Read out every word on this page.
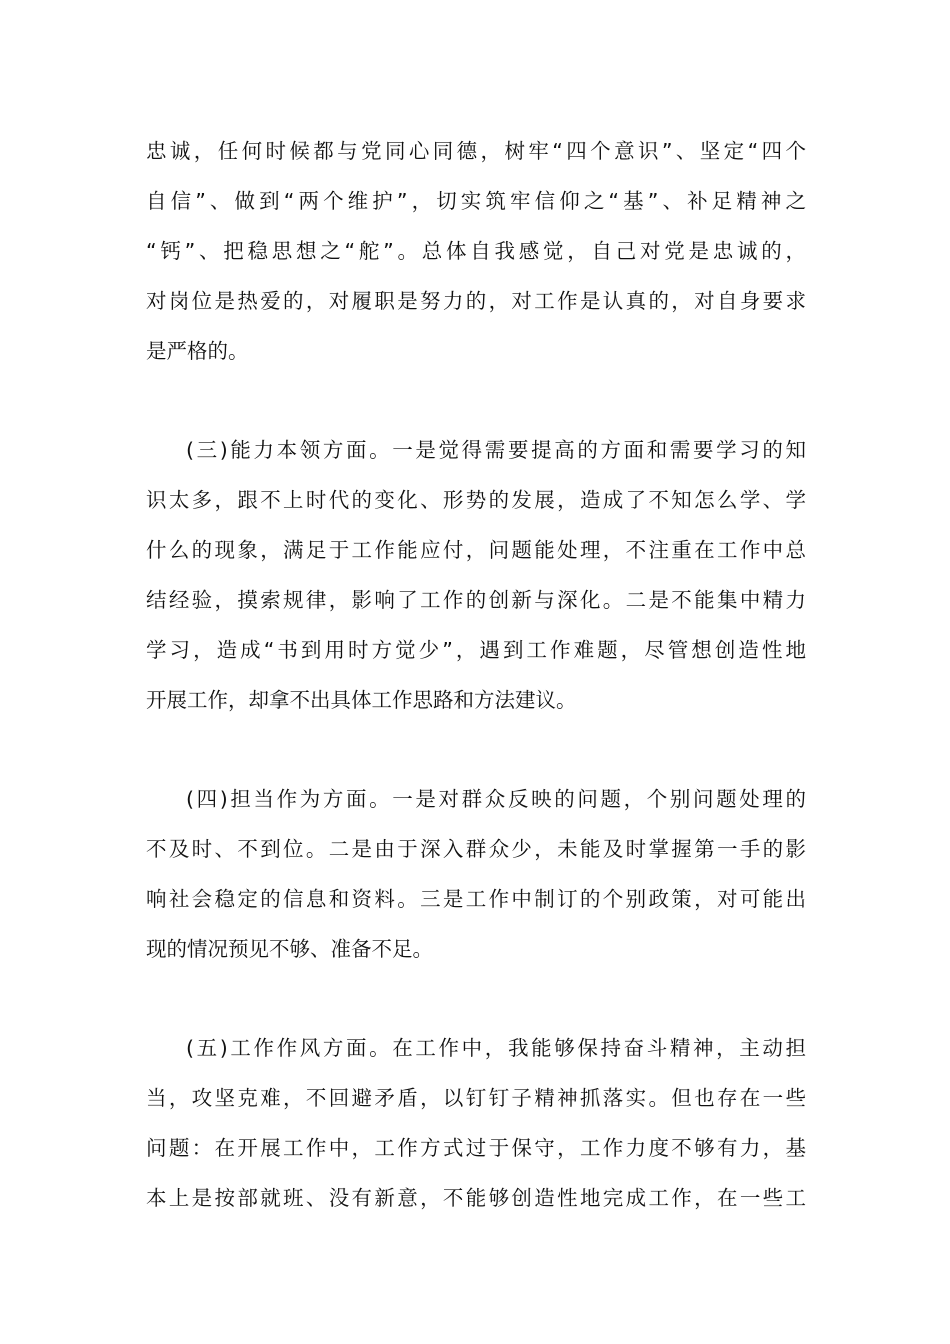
忠诚，任何时候都与党同心同德，树牢“四个意识”、坚定“四个
自信”、做到“两个维护”，切实筑牢信仰之“基”、补足精神之
“钙”、把稳思想之“舵”。总体自我感觉，自己对党是忠诚的，
对岗位是热爱的，对履职是努力的，对工作是认真的，对自身要求
是严格的。
(三)能力本领方面。一是觉得需要提高的方面和需要学习的知
识太多，跟不上时代的变化、形势的发展，造成了不知怎么学、学
什么的现象，满足于工作能应付，问题能处理，不注重在工作中总
结经验，摸索规律，影响了工作的创新与深化。二是不能集中精力
学习，造成“书到用时方觉少”，遇到工作难题，尽管想创造性地
开展工作，却拿不出具体工作思路和方法建议。
(四)担当作为方面。一是对群众反映的问题，个别问题处理的
不及时、不到位。二是由于深入群众少，未能及时掌握第一手的影
响社会稳定的信息和资料。三是工作中制订的个别政策，对可能出
现的情况预见不够、准备不足。
(五)工作作风方面。在工作中，我能够保持奋斗精神，主动担
当，攻坚克难，不回避矛盾，以钉钉子精神抓落实。但也存在一些
问题：在开展工作中，工作方式过于保守，工作力度不够有力，基
本上是按部就班、没有新意，不能够创造性地完成工作，在一些工
